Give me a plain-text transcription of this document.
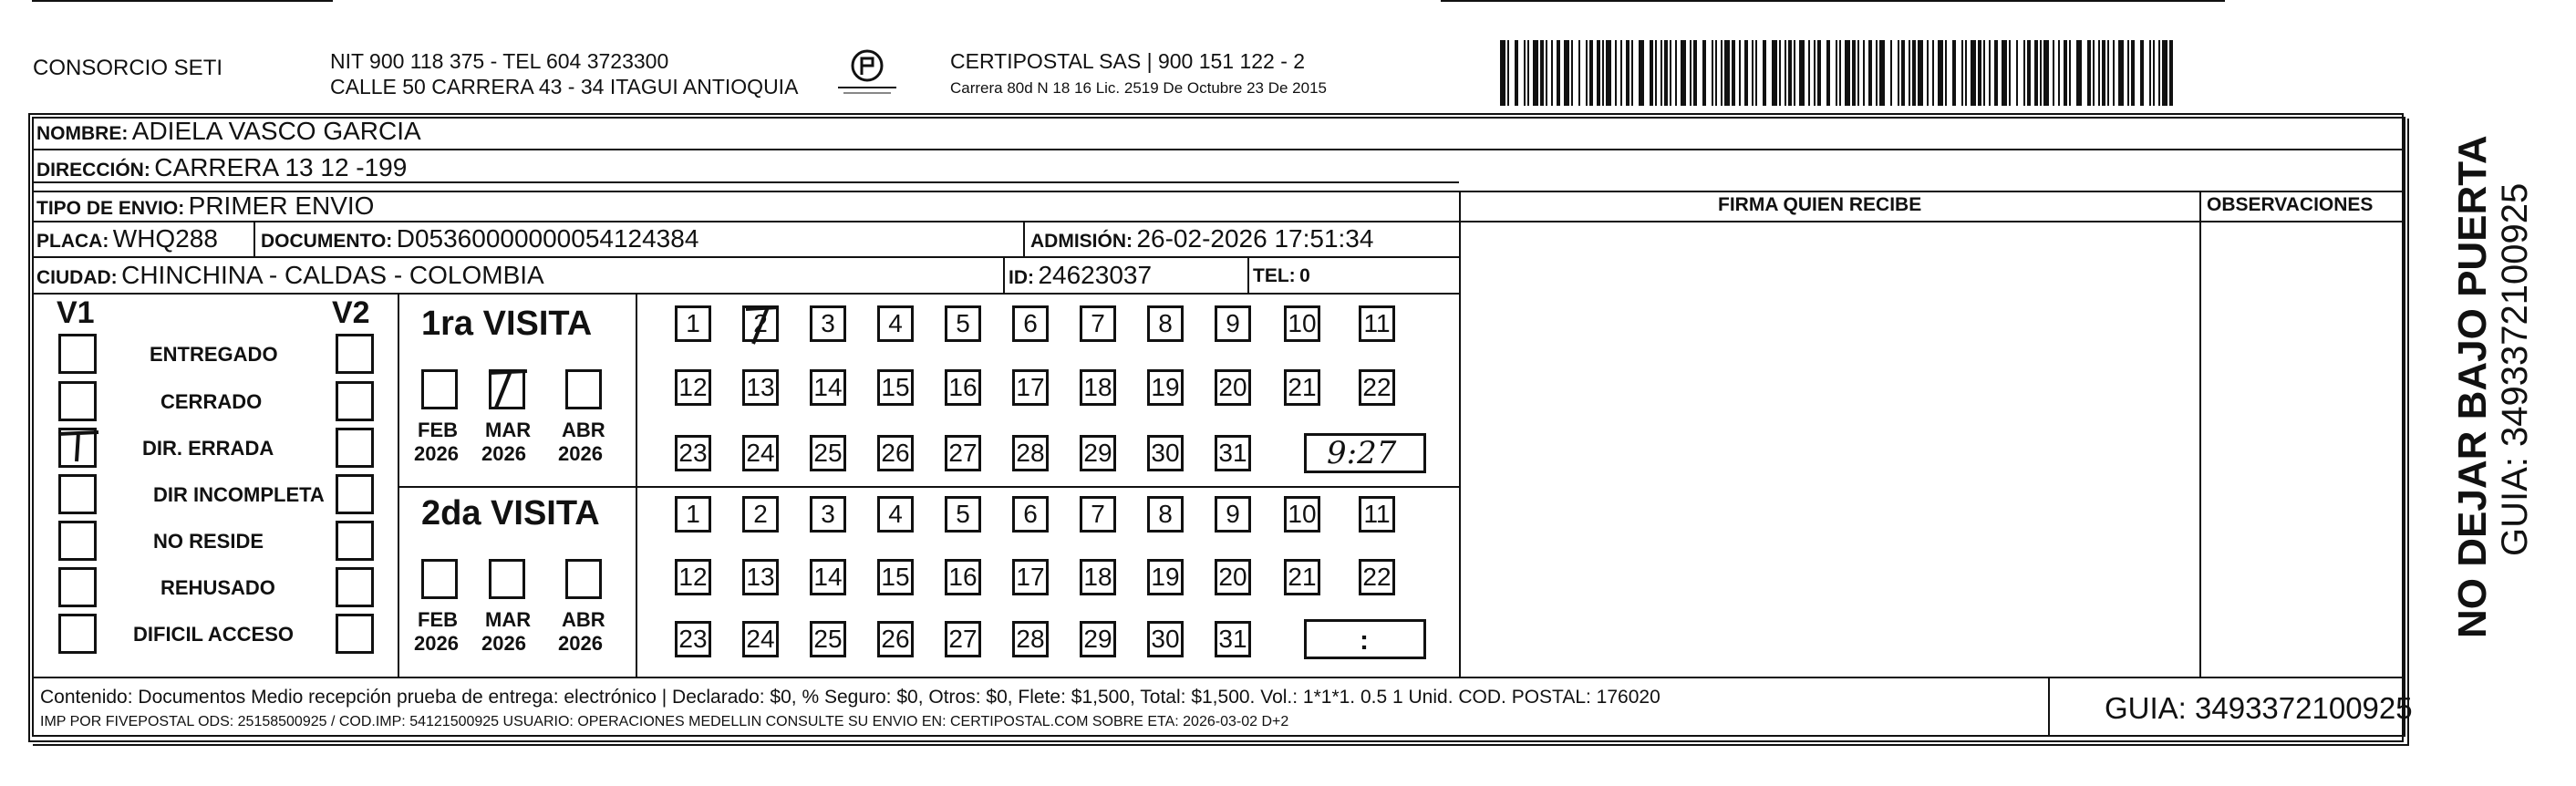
CONSORCIO SETI	NIT 900 118 375 - TEL 604 3723300
CALLE 50 CARRERA 43 - 34 ITAGUI ANTIOQUIA
CERTIPOSTAL SAS | 900 151 122 - 2
Carrera 80d N 18 16 Lic. 2519 De Octubre 23 De 2015
NOMBRE: ADIELA VASCO GARCIA
DIRECCIÓN: CARRERA 13 12 -199
TIPO DE ENVIO: PRIMER ENVIO	FIRMA QUIEN RECIBE	OBSERVACIONES
PLACA: WHQ288 DOCUMENTO: D05360000000054124384	ADMISIÓN: 26-02-2026 17:51:34
CIUDAD: CHINCHINA - CALDAS - COLOMBIA	ID: 24623037	TEL: 0
V1	V2
ENTREGADO
CERRADO
DIR. ERRADA
DIR INCOMPLETA
NO RESIDE
REHUSADO
DIFICIL ACCESO
1ra VISITA
FEB
2026
MAR
2026
ABR
2026
1	2	3	4	5	6	7	8	9	10 11
12 13 14 15 16 17 18 19 20 21 22
23 24 25 26 27 28 29 30 31
2da VISITA
FEB
2026
MAR
2026
ABR
2026
1	2	3	4	5	6	7	8	9	10 11
12 13 14 15 16 17 18 19 20 21 22
23 24 25 26 27 28 29 30 31
9:27
:
Contenido: Documentos Medio recepción prueba de entrega: electrónico | Declarado: $0, % Seguro: $0, Otros: $0, Flete: $1,500, Total: $1,500. Vol.: 1*1*1. 0.5 1 Unid. COD. POSTAL: 176020
IMP POR FIVEPOSTAL ODS: 25158500925 / COD.IMP: 54121500925 USUARIO: OPERACIONES MEDELLIN CONSULTE SU ENVIO EN: CERTIPOSTAL.COM SOBRE ETA: 2026-03-02 D+2	GUIA: 3493372100925
NO DEJAR BAJO PUERTA GUIA: 3493372100925
